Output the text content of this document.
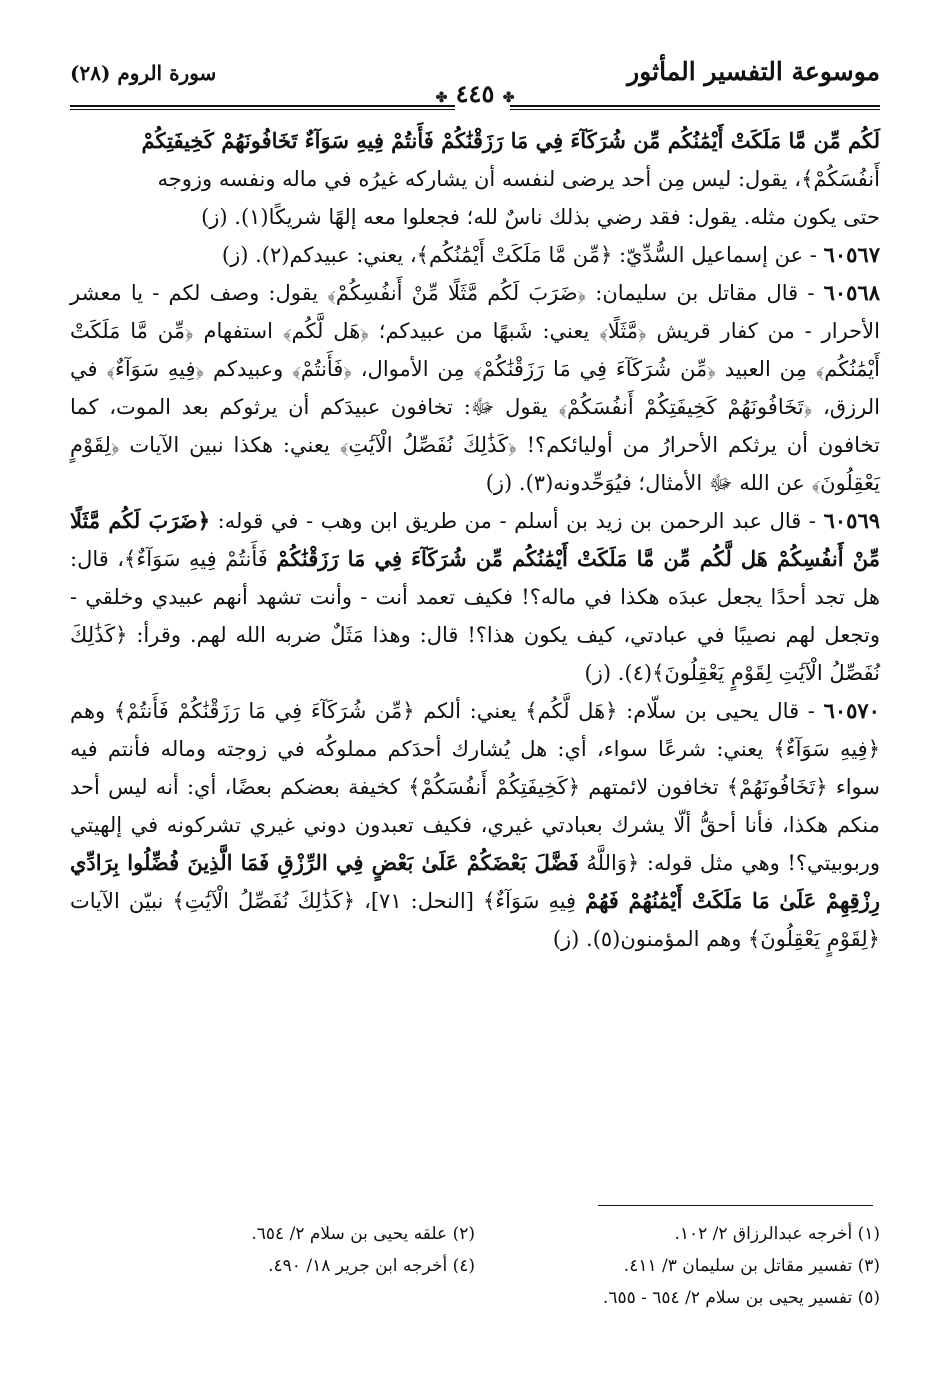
موسوعة التفسير المأثور
✤ ٤٤٥ ✤
سورة الروم (٢٨)

لَكُم مِّن مَّا مَلَكَتْ أَيْمَٰنُكُم مِّن شُرَكَآءَ فِي مَا رَزَقْنَٰكُمْ فَأَنتُمْ فِيهِ سَوَآءٌ تَخَافُونَهُمْ كَخِيفَتِكُمْ
أَنفُسَكُمْ﴾، يقول: ليس مِن أحد يرضى لنفسه أن يشاركه غيرُه في ماله ونفسه وزوجه
حتى يكون مثله. يقول: فقد رضي بذلك ناسٌ لله؛ فجعلوا معه إلهًا شريكًا(١). (ز)

٦٠٥٦٧ - عن إسماعيل السُّدِّيّ: ﴿مِّن مَّا مَلَكَتْ أَيْمَٰنُكُم﴾، يعني: عبيدكم(٢). (ز)

٦٠٥٦٨ - قال مقاتل بن سليمان: ﴿ضَرَبَ لَكُم مَّثَلًا مِّنْ أَنفُسِكُمْ﴾ يقول: وصف لكم - يا معشر الأحرار - من كفار قريش ﴿مَّثَلًا﴾ يعني: شَبهًا من عبيدكم؛ ﴿هَل لَّكُم﴾ استفهام ﴿مِّن مَّا مَلَكَتْ أَيْمَٰنُكُم﴾ مِن العبيد ﴿مِّن شُرَكَآءَ فِي مَا رَزَقْنَٰكُمْ﴾ مِن الأموال، ﴿فَأَنتُمْ﴾ وعبيدكم ﴿فِيهِ سَوَآءٌ﴾ في الرزق، ﴿تَخَافُونَهُمْ كَخِيفَتِكُمْ أَنفُسَكُمْ﴾ يقول ﷻ: تخافون عبيدَكم أن يرثوكم بعد الموت، كما تخافون أن يرثكم الأحرارُ من أوليائكم؟! ﴿كَذَٰلِكَ نُفَصِّلُ الْآيَٰتِ﴾ يعني: هكذا نبين الآيات ﴿لِقَوْمٍ يَعْقِلُونَ﴾ عن الله ﷻ الأمثال؛ فيُوَحِّدونه(٣). (ز)

٦٠٥٦٩ - قال عبد الرحمن بن زيد بن أسلم - من طريق ابن وهب - في قوله: ﴿ضَرَبَ لَكُم مَّثَلًا مِّنْ أَنفُسِكُمْ هَل لَّكُم مِّن مَّا مَلَكَتْ أَيْمَٰنُكُم مِّن شُرَكَآءَ فِي مَا رَزَقْنَٰكُمْ فَأَنتُمْ فِيهِ سَوَآءٌ﴾، قال: هل تجد أحدًا يجعل عبدَه هكذا في ماله؟! فكيف تعمد أنت - وأنت تشهد أنهم عبيدي وخلقي - وتجعل لهم نصيبًا في عبادتي، كيف يكون هذا؟! قال: وهذا مَثَلٌ ضربه الله لهم. وقرأ: ﴿كَذَٰلِكَ نُفَصِّلُ الْآيَٰتِ لِقَوْمٍ يَعْقِلُونَ﴾(٤). (ز)

٦٠٥٧٠ - قال يحيى بن سلّام: ﴿هَل لَّكُم﴾ يعني: ألكم ﴿مِّن شُرَكَآءَ فِي مَا رَزَقْنَٰكُمْ فَأَنتُمْ﴾ وهم ﴿فِيهِ سَوَآءٌ﴾ يعني: شرعًا سواء، أي: هل يُشارك أحدَكم مملوكُه في زوجته وماله فأنتم فيه سواء ﴿تَخَافُونَهُمْ﴾ تخافون لائمتهم ﴿كَخِيفَتِكُمْ أَنفُسَكُمْ﴾ كخيفة بعضكم بعضًا، أي: أنه ليس أحد منكم هكذا، فأنا أحقُّ ألّا يشرك بعبادتي غيري، فكيف تعبدون دوني غيري تشركونه في إلهيتي وربوبيتي؟! وهي مثل قوله: ﴿وَاللَّهُ فَضَّلَ بَعْضَكُمْ عَلَىٰ بَعْضٍ فِي الرِّزْقِ فَمَا الَّذِينَ فُضِّلُوا بِرَادِّي رِزْقِهِمْ عَلَىٰ مَا مَلَكَتْ أَيْمَٰنُهُمْ فَهُمْ فِيهِ سَوَآءٌ﴾ [النحل: ٧١]، ﴿كَذَٰلِكَ نُفَصِّلُ الْآيَٰتِ﴾ نبيّن الآيات ﴿لِقَوْمٍ يَعْقِلُونَ﴾ وهم المؤمنون(٥). (ز)

(١) أخرجه عبدالرزاق ٢/ ١٠٢.
(٢) علقه يحيى بن سلام ٢/ ٦٥٤.
(٣) تفسير مقاتل بن سليمان ٣/ ٤١١.
(٤) أخرجه ابن جرير ١٨/ ٤٩٠.
(٥) تفسير يحيى بن سلام ٢/ ٦٥٤ - ٦٥٥.
